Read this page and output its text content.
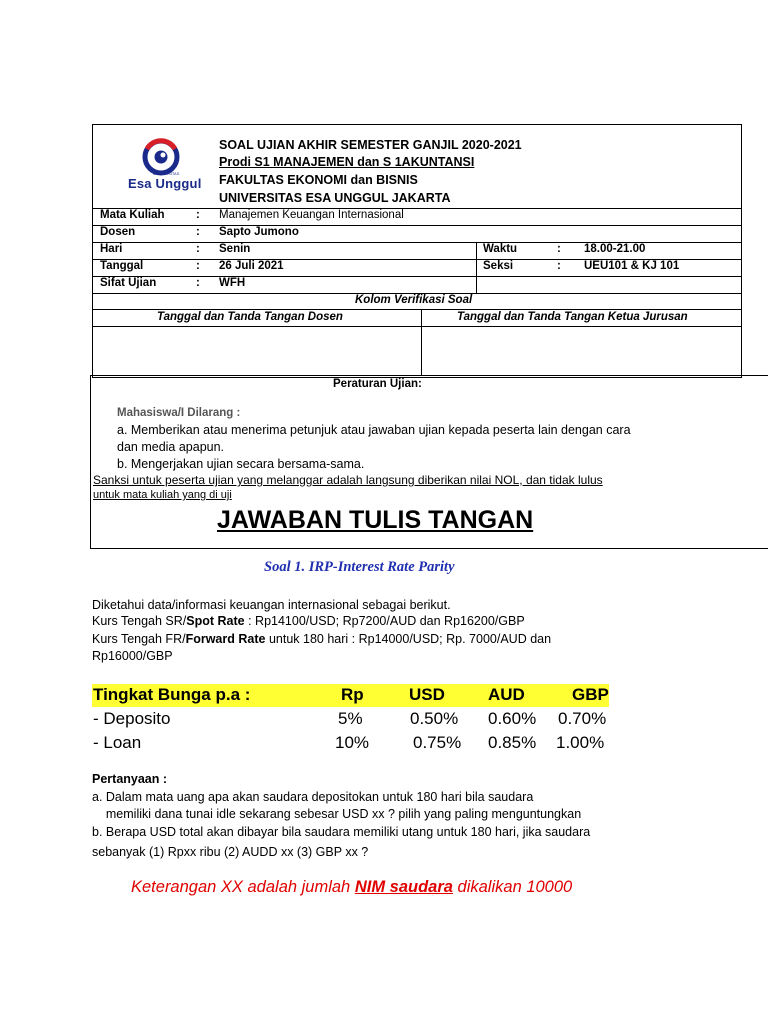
UNIVERSITAS
Esa Unggul
SOAL UJIAN AKHIR SEMESTER GANJIL 2020-2021
Prodi S1 MANAJEMEN dan S 1AKUNTANSI
FAKULTAS EKONOMI dan BISNIS
UNIVERSITAS ESA UNGGUL JAKARTA
Mata Kuliah	: Manajemen Keuangan Internasional
Dosen	: Sapto Jumono
Hari	: Senin
Tanggal	: 26 Juli 2021
Sifat Ujian	: WFH
Waktu	: 18.00-21.00
Seksi	: UEU101 & KJ 101
Kolom Verifikasi Soal
Tanggal dan Tanda Tangan Dosen	Tanggal dan Tanda Tangan Ketua Jurusan
Peraturan Ujian:
Mahasiswa/I Dilarang :
a. Memberikan atau menerima petunjuk atau jawaban ujian kepada peserta lain dengan cara
dan media apapun.
b. Mengerjakan ujian secara bersama-sama.
Sanksi untuk peserta ujian yang melanggar adalah langsung diberikan nilai NOL, dan tidak lulus
untuk mata kuliah yang di uji
JAWABAN TULIS TANGAN
Soal 1. IRP-Interest Rate Parity
Diketahui data/informasi keuangan internasional sebagai berikut.
Kurs Tengah SR/Spot Rate : Rp14100/USD; Rp7200/AUD dan Rp16200/GBP
Kurs Tengah FR/Forward Rate untuk 180 hari : Rp14000/USD; Rp. 7000/AUD dan
Rp16000/GBP
Tingkat Bunga p.a :	Rp	USD	AUD	GBP
- Deposito	5%	0.50% 0.60% 0.70%
- Loan	10%	0.75% 0.85% 1.00%
Pertanyaan :
a. Dalam mata uang apa akan saudara depositokan untuk 180 hari bila saudara
memiliki dana tunai idle sekarang sebesar USD xx ? pilih yang paling menguntungkan
b. Berapa USD total akan dibayar bila saudara memiliki utang untuk 180 hari, jika saudara
sebanyak (1) Rpxx ribu (2) AUDD xx (3) GBP xx ?
Keterangan XX adalah jumlah NIM saudara dikalikan 10000
